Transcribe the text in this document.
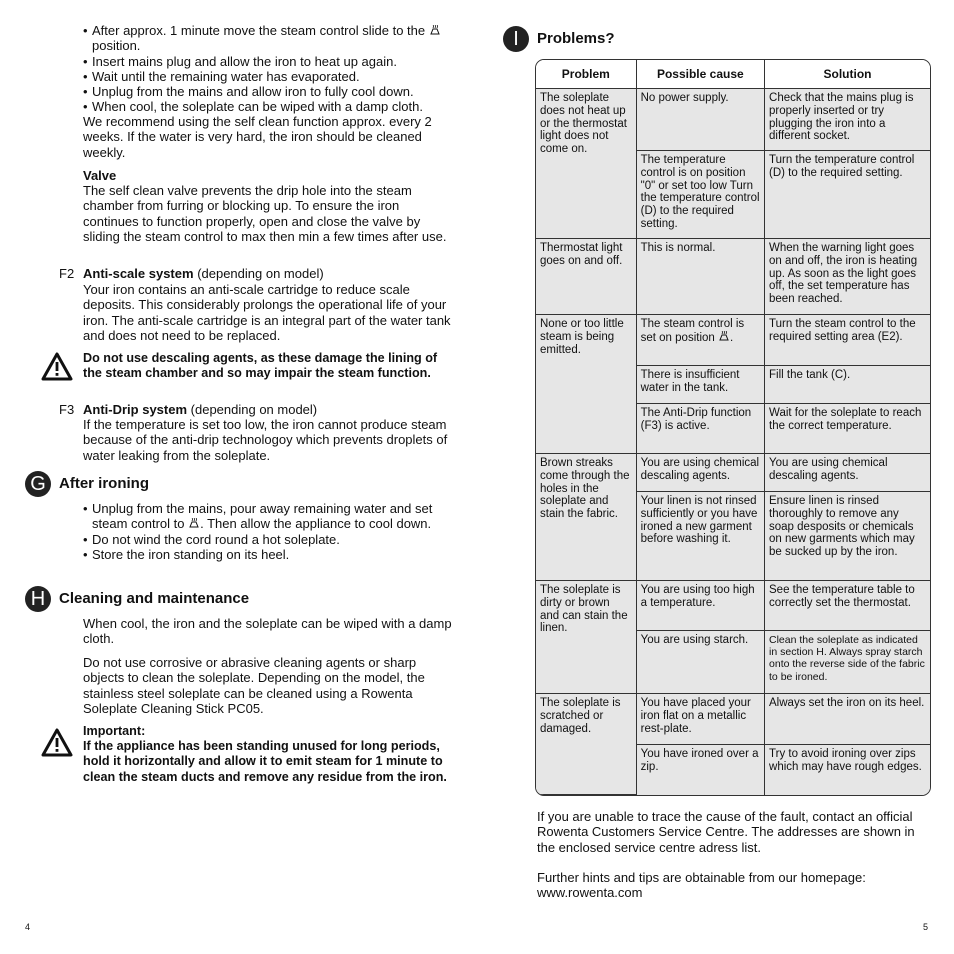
• After approx. 1 minute move the steam control slide to the  position.
• Insert mains plug and allow the iron to heat up again.
• Wait until the remaining water has evaporated.
• Unplug from the mains and allow iron to fully cool down.
• When cool, the soleplate can be wiped with a damp cloth.

We recommend using the self clean function approx. every 2 weeks. If the water is very hard, the iron should be cleaned weekly.

Valve

The self clean valve prevents the drip hole into the steam chamber from furring or blocking up. To ensure the iron continues to function properly, open and close the valve by sliding the steam control to max then min a few times after use.

F2 Anti-scale system (depending on model)

Your iron contains an anti-scale cartridge to reduce scale deposits. This considerably prolongs the operational life of your iron. The anti-scale cartridge is an integral part of the water tank and does not need to be replaced.

Do not use descaling agents, as these damage the lining of the steam chamber and so may impair the steam function.

F3 Anti-Drip system (depending on model)

If the temperature is set too low, the iron cannot produce steam because of the anti-drip technologoy which prevents droplets of water leaking from the soleplate.

G After ironing
• Unplug from the mains, pour away remaining water and set steam control to . Then allow the appliance to cool down.
• Do not wind the cord round a hot soleplate.
• Store the iron standing on its heel.
H Cleaning and maintenance

When cool, the iron and the soleplate can be wiped with a damp cloth.

Do not use corrosive or abrasive cleaning agents or sharp objects to clean the soleplate. Depending on the model, the stainless steel soleplate can be cleaned using a Rowenta Soleplate Cleaning Stick PC05.

Important:

If the appliance has been standing unused for long periods, hold it horizontally and allow it to emit steam for 1 minute to clean the steam ducts and remove any residue from the iron.

4
I	Problems?
Problem	Possible cause	Solution
The soleplate does not heat up or the thermostat light does not come on.	No power supply.	Check that the mains plug is properly inserted or try plugging the iron into a different socket.
	The temperature control is on position "0" or set too low Turn the temperature control (D) to the required setting.	Turn the temperature control (D) to the required setting.
Thermostat light goes on and off.	This is normal.	When the warning light goes on and off, the iron is heating up. As soon as the light goes off, the set temperature has been reached.
None or too little steam is being emitted.	The steam control is set on position .	Turn the steam control to the required setting area (E2).
	There is insufficient water in the tank.	Fill the tank (C).
	The Anti-Drip function (F3) is active.	Wait for the soleplate to reach the correct temperature.
Brown streaks come through the holes in the soleplate and stain the fabric.	You are using chemical descaling agents.	You are using chemical descaling agents.
	Your linen is not rinsed sufficiently or you have ironed a new garment before washing it.	Ensure linen is rinsed thoroughly to remove any soap desposits or chemicals on new garments which may be sucked up by the iron.
The soleplate is dirty or brown and can stain the linen.	You are using too high a temperature.	See the temperature table to correctly set the thermostat.
	You are using starch.	Clean the soleplate as indicated in section H. Always spray starch onto the reverse side of the fabric to be ironed.
The soleplate is scratched or damaged.	You have placed your iron flat on a metallic rest-plate.	Always set the iron on its heel.
	You have ironed over a zip.	Try to avoid ironing over zips which may have rough edges.

If you are unable to trace the cause of the fault, contact an official Rowenta Customers Service Centre. The addresses are shown in the enclosed service centre adress list.

Further hints and tips are obtainable from our homepage: www.rowenta.com

5
